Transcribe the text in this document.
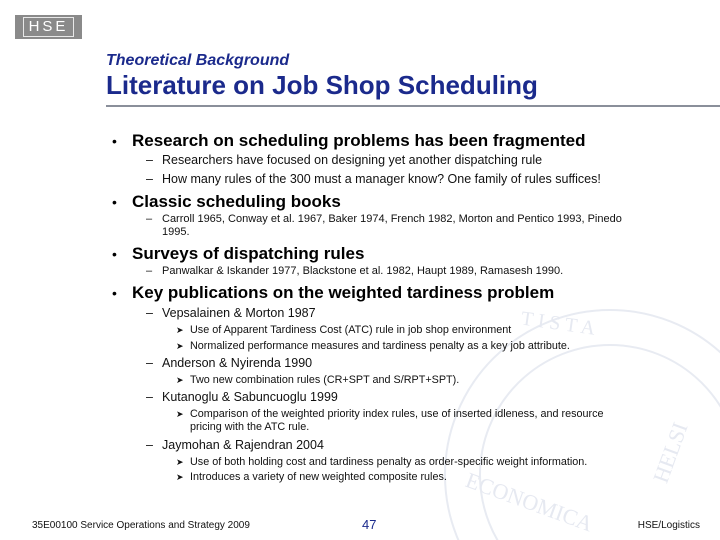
HSE
T I S T A
HELSI
ECONOMICA
Theoretical Background
Literature on Job Shop Scheduling
• Research on scheduling problems has been fragmented
– Researchers have focused on designing yet another dispatching rule
– How many rules of the 300 must a manager know? One family of rules suffices!
• Classic scheduling books
– Carroll 1965, Conway et al. 1967, Baker 1974, French 1982, Morton and Pentico 1993, Pinedo
1995.
• Surveys of dispatching rules
– Panwalkar & Iskander 1977, Blackstone et al. 1982, Haupt 1989, Ramasesh 1990.
• Key publications on the weighted tardiness problem
– Vepsalainen & Morton 1987
➤ Use of Apparent Tardiness Cost (ATC) rule in job shop environment
➤ Normalized performance measures and tardiness penalty as a key job attribute.
– Anderson & Nyirenda 1990
➤ Two new combination rules (CR+SPT and S/RPT+SPT).
– Kutanoglu & Sabuncuoglu 1999
➤ Comparison of the weighted priority index rules, use of inserted idleness, and resource
pricing with the ATC rule.
– Jaymohan & Rajendran 2004
➤ Use of both holding cost and tardiness penalty as order-specific weight information.
➤ Introduces a variety of new weighted composite rules.
35E00100 Service Operations and Strategy 2009	47	HSE/Logistics
